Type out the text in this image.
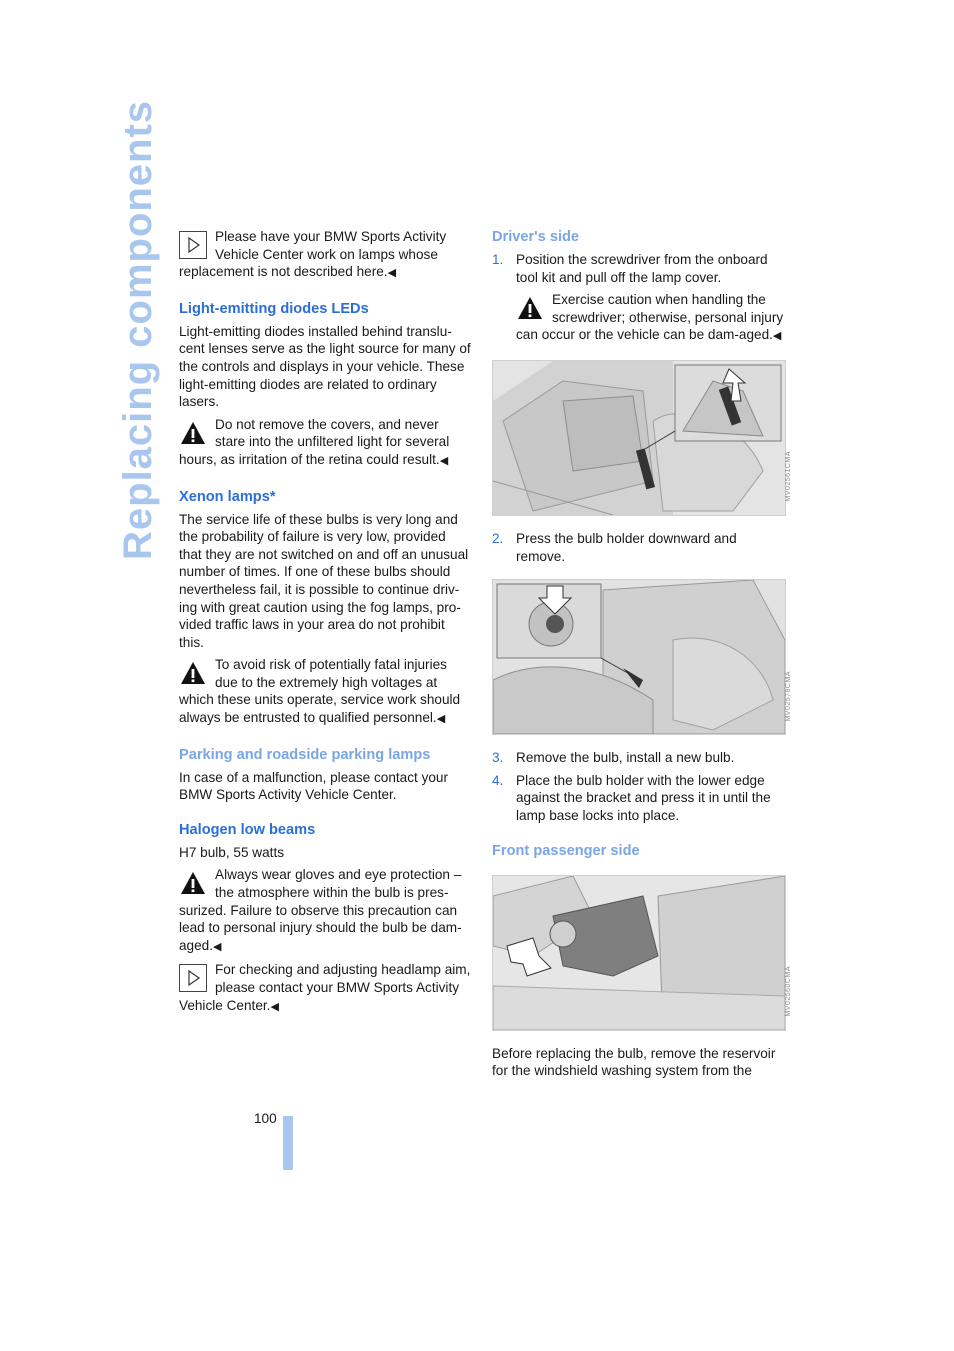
Replacing components	Please have your BMW Sports Activity Vehicle Center work on lamps whose replacement is not described here.◀
Light-emitting diodes LEDs

Light-emitting diodes installed behind translu-cent lenses serve as the light source for many of the controls and displays in your vehicle. These light-emitting diodes are related to ordinary lasers.

Do not remove the covers, and never stare into the unfiltered light for several hours, as irritation of the retina could result.◀
Xenon lamps*

The service life of these bulbs is very long and the probability of failure is very low, provided that they are not switched on and off an unusual number of times. If one of these bulbs should nevertheless fail, it is possible to continue driv-ing with great caution using the fog lamps, pro-vided traffic laws in your area do not prohibit this.

To avoid risk of potentially fatal injuries due to the extremely high voltages at which these units operate, service work should always be entrusted to qualified personnel.◀
Parking and roadside parking lamps

In case of a malfunction, please contact your BMW Sports Activity Vehicle Center.

Halogen low beams

H7 bulb, 55 watts

Always wear gloves and eye protection – the atmosphere within the bulb is pres-surized. Failure to observe this precaution can lead to personal injury should the bulb be dam-aged.◀
For checking and adjusting headlamp aim, please contact your BMW Sports Activity Vehicle Center.◀
Driver's side
1. Position the screwdriver from the onboard tool kit and pull off the lamp cover.
Exercise caution when handling the screwdriver; otherwise, personal injury can occur or the vehicle can be dam-aged.◀
MV02561CMA
2. Press the bulb holder downward and remove.
MV02578CMA
3. Remove the bulb, install a new bulb.
4. Place the bulb holder with the lower edge against the bracket and press it in until the lamp base locks into place.
Front passenger side
MV02560CMA

Before replacing the bulb, remove the reservoir for the windshield washing system from the

100
